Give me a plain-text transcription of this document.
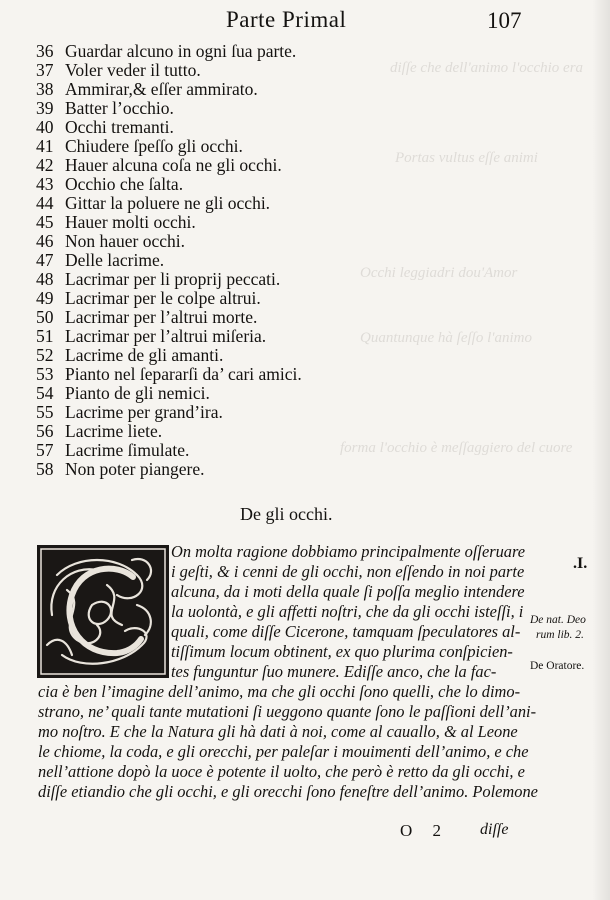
diſſe che dell'animo l'occhio era
Portas vultus eſſe animi
Occhi leggiadri dou'Amor
Quantunque hà ſeſſo l'animo
forma l'occhio è meſſaggiero del cuore
Parte Primal	107
36 Guardar alcuno in ogni ſua parte.
37 Voler veder il tutto.
38 Ammirar,& eſſer ammirato.
39 Batter l’occhio.
40 Occhi tremanti.
41 Chiudere ſpeſſo gli occhi.
42 Hauer alcuna coſa ne gli occhi.
43 Occhio che ſalta.
44 Gittar la poluere ne gli occhi.
45 Hauer molti occhi.
46 Non hauer occhi.
47 Delle lacrime.
48 Lacrimar per li proprij peccati.
49 Lacrimar per le colpe altrui.
50 Lacrimar per l’altrui morte.
51 Lacrimar per l’altrui miſeria.
52 Lacrime de gli amanti.
53 Pianto nel ſepararſi da’ cari amici.
54 Pianto de gli nemici.
55 Lacrime per grand’ira.
56 Lacrime liete.
57 Lacrime ſimulate.
58 Non poter piangere.
De gli occhi.
.I.
On molta ragione dobbiamo principalmente oſſeruare
i geſti, & i cenni de gli occhi, non eſſendo in noi parte
alcuna, da i moti della quale ſi poſſa meglio intendere
la uolontà, e gli affetti noſtri, che da gli occhi isteſſi, i
quali, come diſſe Cicerone, tamquam ſpeculatores al-
tiſſimum locum obtinent, ex quo plurima conſpicien-
tes funguntur ſuo munere. Ediſſe anco, che la fac-
cia è ben l’imagine dell’animo, ma che gli occhi ſono quelli, che lo dimo-
strano, ne’ quali tante mutationi ſi ueggono quante ſono le paſſioni dell’ani-
mo noſtro. E che la Natura gli hà dati à noi, come al cauallo, & al Leone
le chiome, la coda, e gli orecchi, per paleſar i mouimenti dell’animo, e che
nell’attione dopò la uoce è potente il uolto, che però è retto da gli occhi, e
diſſe etiandio che gli occhi, e gli orecchi ſono feneſtre dell’animo. Polemone
De nat. Deo
rum lib. 2.
De Oratore.
O 2 diſſe
